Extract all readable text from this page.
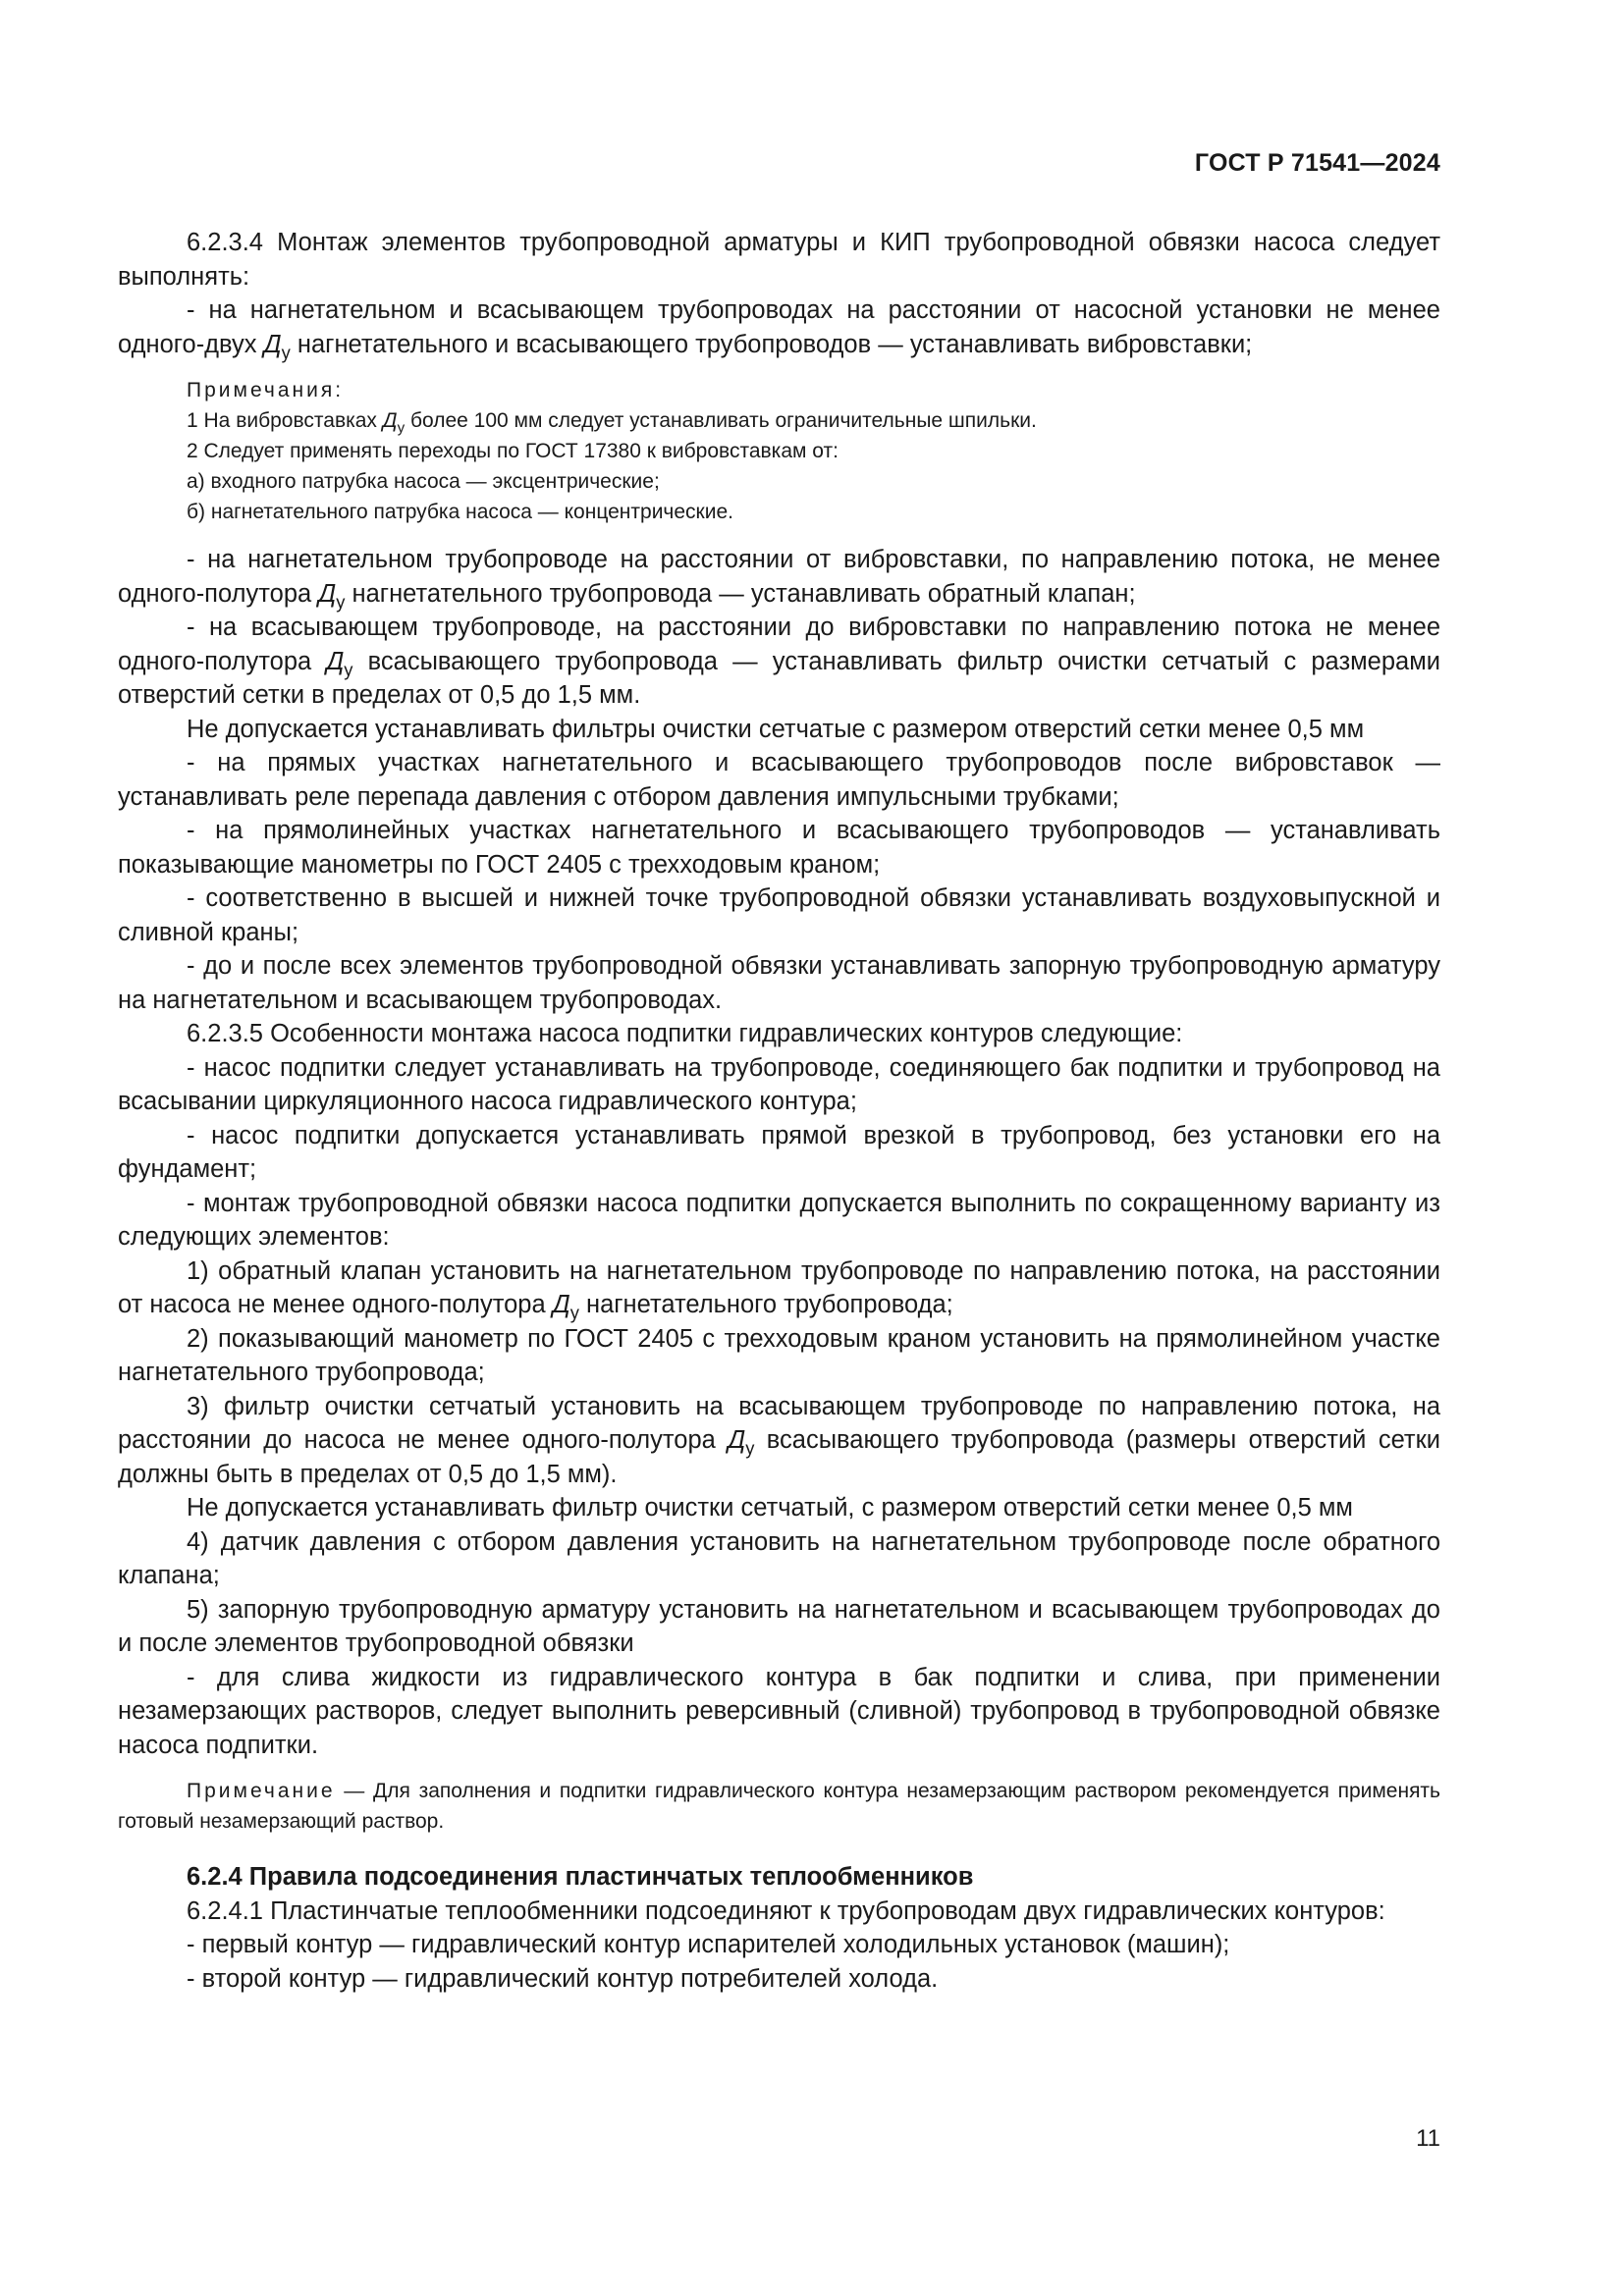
ГОСТ Р 71541—2024

6.2.3.4 Монтаж элементов трубопроводной арматуры и КИП трубопроводной обвязки насоса следует выполнять:

- на нагнетательном и всасывающем трубопроводах на расстоянии от насосной установки не менее одного-двух $Д_у$ нагнетательного и всасывающего трубопроводов — устанавливать вибровставки;

Примечания:

1 На вибровставках $Д_у$ более 100 мм следует устанавливать ограничительные шпильки.

2 Следует применять переходы по ГОСТ 17380 к вибровставкам от:

а) входного патрубка насоса — эксцентрические;

б) нагнетательного патрубка насоса — концентрические.

- на нагнетательном трубопроводе на расстоянии от вибровставки, по направлению потока, не менее одного-полутора $Д_у$ нагнетательного трубопровода — устанавливать обратный клапан;

- на всасывающем трубопроводе, на расстоянии до вибровставки по направлению потока не менее одного-полутора $Д_у$ всасывающего трубопровода — устанавливать фильтр очистки сетчатый с размерами отверстий сетки в пределах от 0,5 до 1,5 мм.

Не допускается устанавливать фильтры очистки сетчатые с размером отверстий сетки менее 0,5 мм

- на прямых участках нагнетательного и всасывающего трубопроводов после вибровставок — устанавливать реле перепада давления с отбором давления импульсными трубками;

- на прямолинейных участках нагнетательного и всасывающего трубопроводов — устанавливать показывающие манометры по ГОСТ 2405 с трехходовым краном;

- соответственно в высшей и нижней точке трубопроводной обвязки устанавливать воздуховыпускной и сливной краны;

- до и после всех элементов трубопроводной обвязки устанавливать запорную трубопроводную арматуру на нагнетательном и всасывающем трубопроводах.

6.2.3.5 Особенности монтажа насоса подпитки гидравлических контуров следующие:

- насос подпитки следует устанавливать на трубопроводе, соединяющего бак подпитки и трубопровод на всасывании циркуляционного насоса гидравлического контура;

- насос подпитки допускается устанавливать прямой врезкой в трубопровод, без установки его на фундамент;

- монтаж трубопроводной обвязки насоса подпитки допускается выполнить по сокращенному варианту из следующих элементов:

1) обратный клапан установить на нагнетательном трубопроводе по направлению потока, на расстоянии от насоса не менее одного-полутора $Д_у$ нагнетательного трубопровода;

2) показывающий манометр по ГОСТ 2405 с трехходовым краном установить на прямолинейном участке нагнетательного трубопровода;

3) фильтр очистки сетчатый установить на всасывающем трубопроводе по направлению потока, на расстоянии до насоса не менее одного-полутора $Д_у$ всасывающего трубопровода (размеры отверстий сетки должны быть в пределах от 0,5 до 1,5 мм).

Не допускается устанавливать фильтр очистки сетчатый, с размером отверстий сетки менее 0,5 мм

4) датчик давления с отбором давления установить на нагнетательном трубопроводе после обратного клапана;

5) запорную трубопроводную арматуру установить на нагнетательном и всасывающем трубопроводах до и после элементов трубопроводной обвязки

- для слива жидкости из гидравлического контура в бак подпитки и слива, при применении незамерзающих растворов, следует выполнить реверсивный (сливной) трубопровод в трубопроводной обвязке насоса подпитки.

Примечание — Для заполнения и подпитки гидравлического контура незамерзающим раствором рекомендуется применять готовый незамерзающий раствор.

6.2.4 Правила подсоединения пластинчатых теплообменников

6.2.4.1 Пластинчатые теплообменники подсоединяют к трубопроводам двух гидравлических контуров:

- первый контур — гидравлический контур испарителей холодильных установок (машин);

- второй контур — гидравлический контур потребителей холода.

11
